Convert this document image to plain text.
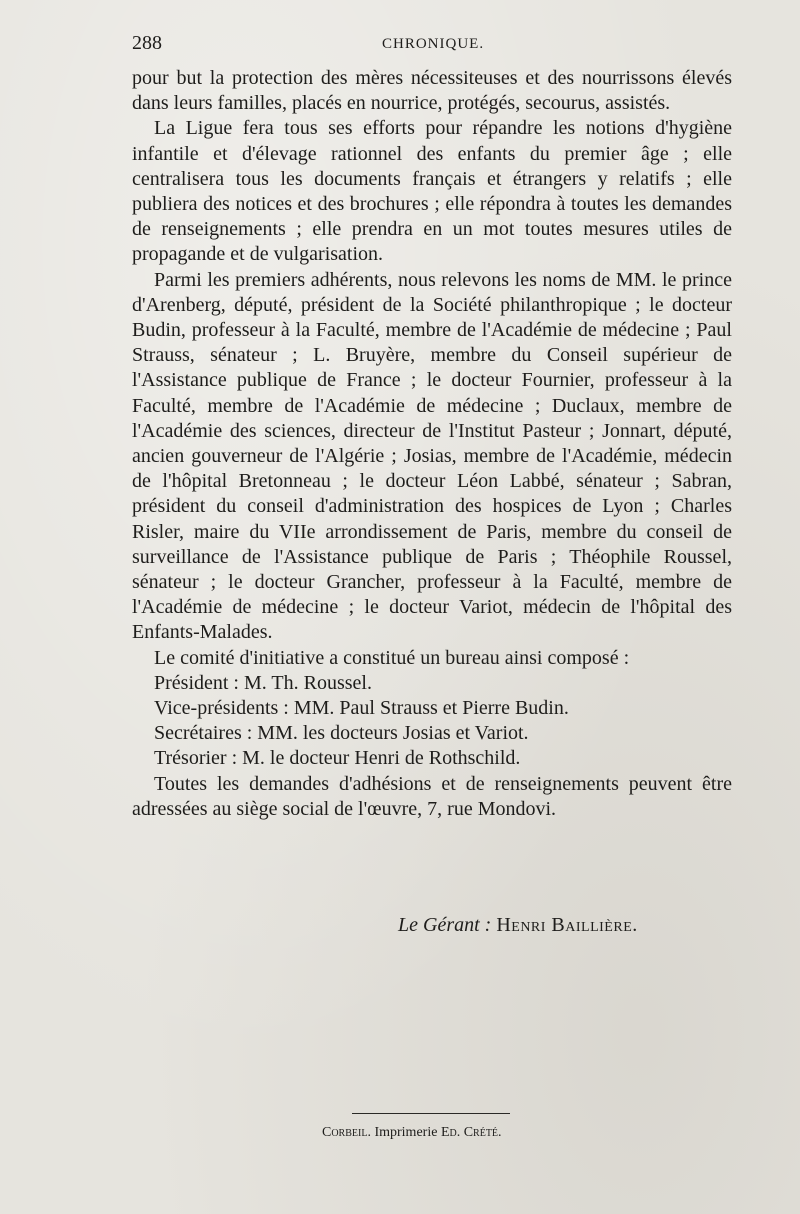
288	CHRONIQUE.

pour but la protection des mères nécessiteuses et des nourrissons élevés dans leurs familles, placés en nourrice, protégés, secourus, assistés.

La Ligue fera tous ses efforts pour répandre les notions d'hygiène infantile et d'élevage rationnel des enfants du premier âge ; elle centralisera tous les documents français et étrangers y relatifs ; elle publiera des notices et des brochures ; elle répondra à toutes les demandes de renseignements ; elle prendra en un mot toutes mesures utiles de propagande et de vulgarisation.

Parmi les premiers adhérents, nous relevons les noms de MM. le prince d'Arenberg, député, président de la Société philanthropique ; le docteur Budin, professeur à la Faculté, membre de l'Académie de médecine ; Paul Strauss, sénateur ; L. Bruyère, membre du Conseil supérieur de l'Assistance publique de France ; le docteur Fournier, professeur à la Faculté, membre de l'Académie de médecine ; Duclaux, membre de l'Académie des sciences, directeur de l'Institut Pasteur ; Jonnart, député, ancien gouverneur de l'Algérie ; Josias, membre de l'Académie, médecin de l'hôpital Bretonneau ; le docteur Léon Labbé, sénateur ; Sabran, président du conseil d'administration des hospices de Lyon ; Charles Risler, maire du VIIe arrondissement de Paris, membre du conseil de surveillance de l'Assistance publique de Paris ; Théophile Roussel, sénateur ; le docteur Grancher, professeur à la Faculté, membre de l'Académie de médecine ; le docteur Variot, médecin de l'hôpital des Enfants-Malades.

Le comité d'initiative a constitué un bureau ainsi composé :

Président : M. Th. Roussel.

Vice-présidents : MM. Paul Strauss et Pierre Budin.

Secrétaires : MM. les docteurs Josias et Variot.

Trésorier : M. le docteur Henri de Rothschild.

Toutes les demandes d'adhésions et de renseignements peuvent être adressées au siège social de l'œuvre, 7, rue Mondovi.

Le Gérant : Henri Baillière.
Corbeil. Imprimerie Ed. Crété.
